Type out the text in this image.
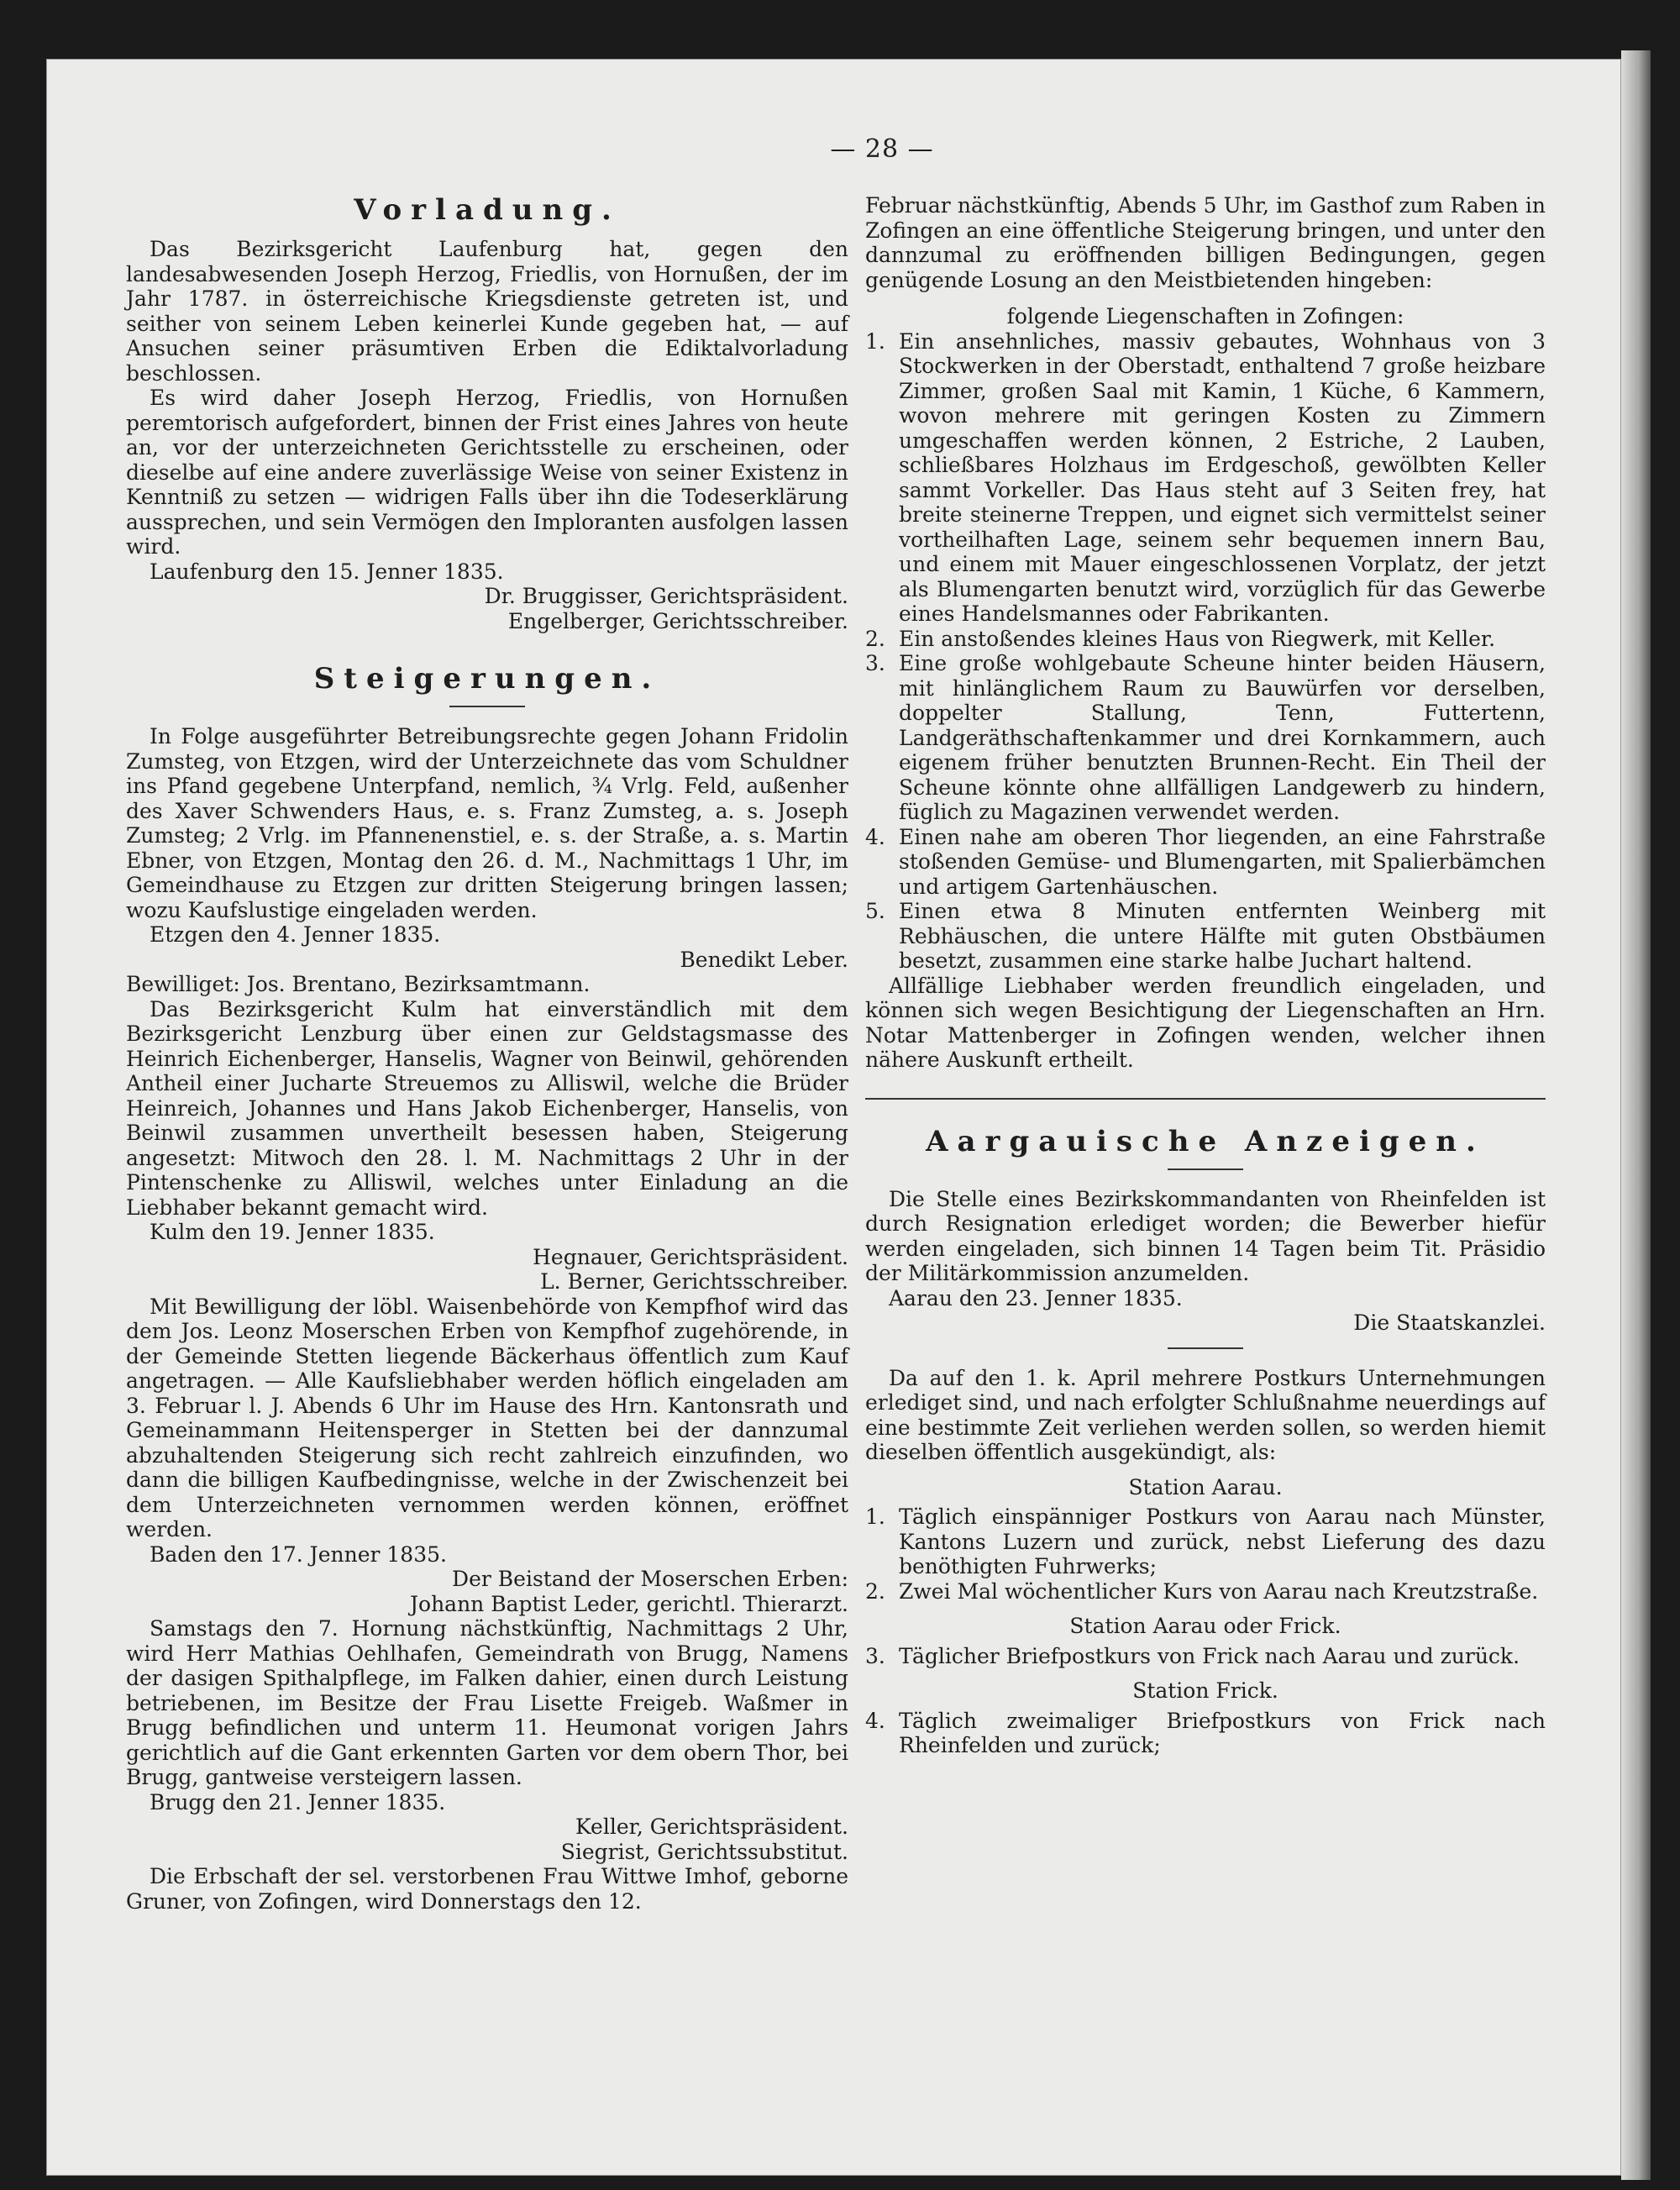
— 28 —
Vorladung.

Das Bezirksgericht Laufenburg hat, gegen den landesabwesenden Joseph Herzog, Friedlis, von Hornußen, der im Jahr 1787. in österreichische Kriegsdienste getreten ist, und seither von seinem Leben keinerlei Kunde gegeben hat, — auf Ansuchen seiner präsumtiven Erben die Ediktalvorladung beschlossen.

Es wird daher Joseph Herzog, Friedlis, von Hornußen peremtorisch aufgefordert, binnen der Frist eines Jahres von heute an, vor der unterzeichneten Gerichtsstelle zu erscheinen, oder dieselbe auf eine andere zuverlässige Weise von seiner Existenz in Kenntniß zu setzen — widrigen Falls über ihn die Todeserklärung aussprechen, und sein Vermögen den Imploranten ausfolgen lassen wird.

Laufenburg den 15. Jenner 1835.

Dr. Bruggisser, Gerichtspräsident.
Engelberger, Gerichtsschreiber.
Steigerungen.

In Folge ausgeführter Betreibungsrechte gegen Johann Fridolin Zumsteg, von Etzgen, wird der Unterzeichnete das vom Schuldner ins Pfand gegebene Unterpfand, nemlich, ¾ Vrlg. Feld, außenher des Xaver Schwenders Haus, e. s. Franz Zumsteg, a. s. Joseph Zumsteg; 2 Vrlg. im Pfannenenstiel, e. s. der Straße, a. s. Martin Ebner, von Etzgen, Montag den 26. d. M., Nachmittags 1 Uhr, im Gemeindhause zu Etzgen zur dritten Steigerung bringen lassen; wozu Kaufslustige eingeladen werden.

Etzgen den 4. Jenner 1835.

Benedikt Leber.

Bewilliget: Jos. Brentano, Bezirksamtmann.

Das Bezirksgericht Kulm hat einverständlich mit dem Bezirksgericht Lenzburg über einen zur Geldstagsmasse des Heinrich Eichenberger, Hanselis, Wagner von Beinwil, gehörenden Antheil einer Jucharte Streuemos zu Alliswil, welche die Brüder Heinreich, Johannes und Hans Jakob Eichenberger, Hanselis, von Beinwil zusammen unvertheilt besessen haben, Steigerung angesetzt: Mitwoch den 28. l. M. Nachmittags 2 Uhr in der Pintenschenke zu Alliswil, welches unter Einladung an die Liebhaber bekannt gemacht wird.

Kulm den 19. Jenner 1835.

Hegnauer, Gerichtspräsident.
L. Berner, Gerichtsschreiber.

Mit Bewilligung der löbl. Waisenbehörde von Kempfhof wird das dem Jos. Leonz Moserschen Erben von Kempfhof zugehörende, in der Gemeinde Stetten liegende Bäckerhaus öffentlich zum Kauf angetragen. — Alle Kaufsliebhaber werden höflich eingeladen am 3. Februar l. J. Abends 6 Uhr im Hause des Hrn. Kantonsrath und Gemeinammann Heitensperger in Stetten bei der dannzumal abzuhaltenden Steigerung sich recht zahlreich einzufinden, wo dann die billigen Kaufbedingnisse, welche in der Zwischenzeit bei dem Unterzeichneten vernommen werden können, eröffnet werden.

Baden den 17. Jenner 1835.

Der Beistand der Moserschen Erben:
Johann Baptist Leder, gerichtl. Thierarzt.

Samstags den 7. Hornung nächstkünftig, Nachmittags 2 Uhr, wird Herr Mathias Oehlhafen, Gemeindrath von Brugg, Namens der dasigen Spithalpflege, im Falken dahier, einen durch Leistung betriebenen, im Besitze der Frau Lisette Freigeb. Waßmer in Brugg befindlichen und unterm 11. Heumonat vorigen Jahrs gerichtlich auf die Gant erkennten Garten vor dem obern Thor, bei Brugg, gantweise versteigern lassen.

Brugg den 21. Jenner 1835.

Keller, Gerichtspräsident.
Siegrist, Gerichtssubstitut.

Die Erbschaft der sel. verstorbenen Frau Wittwe Imhof, geborne Gruner, von Zofingen, wird Donnerstags den 12.

Februar nächstkünftig, Abends 5 Uhr, im Gasthof zum Raben in Zofingen an eine öffentliche Steigerung bringen, und unter den dannzumal zu eröffnenden billigen Bedingungen, gegen genügende Losung an den Meistbietenden hingeben:

folgende Liegenschaften in Zofingen:

1. Ein ansehnliches, massiv gebautes, Wohnhaus von 3 Stockwerken in der Oberstadt, enthaltend 7 große heizbare Zimmer, großen Saal mit Kamin, 1 Küche, 6 Kammern, wovon mehrere mit geringen Kosten zu Zimmern umgeschaffen werden können, 2 Estriche, 2 Lauben, schließbares Holzhaus im Erdgeschoß, gewölbten Keller sammt Vorkeller. Das Haus steht auf 3 Seiten frey, hat breite steinerne Treppen, und eignet sich vermittelst seiner vortheilhaften Lage, seinem sehr bequemen innern Bau, und einem mit Mauer eingeschlossenen Vorplatz, der jetzt als Blumengarten benutzt wird, vorzüglich für das Gewerbe eines Handelsmannes oder Fabrikanten.
2. Ein anstoßendes kleines Haus von Riegwerk, mit Keller.
3. Eine große wohlgebaute Scheune hinter beiden Häusern, mit hinlänglichem Raum zu Bauwürfen vor derselben, doppelter Stallung, Tenn, Futtertenn, Landgeräthschaftenkammer und drei Kornkammern, auch eigenem früher benutzten Brunnen-Recht. Ein Theil der Scheune könnte ohne allfälligen Landgewerb zu hindern, füglich zu Magazinen verwendet werden.
4. Einen nahe am oberen Thor liegenden, an eine Fahrstraße stoßenden Gemüse- und Blumengarten, mit Spalierbämchen und artigem Gartenhäuschen.
5. Einen etwa 8 Minuten entfernten Weinberg mit Rebhäuschen, die untere Hälfte mit guten Obstbäumen besetzt, zusammen eine starke halbe Juchart haltend.

Allfällige Liebhaber werden freundlich eingeladen, und können sich wegen Besichtigung der Liegenschaften an Hrn. Notar Mattenberger in Zofingen wenden, welcher ihnen nähere Auskunft ertheilt.

Aargauische Anzeigen.

Die Stelle eines Bezirkskommandanten von Rheinfelden ist durch Resignation erlediget worden; die Bewerber hiefür werden eingeladen, sich binnen 14 Tagen beim Tit. Präsidio der Militärkommission anzumelden.

Aarau den 23. Jenner 1835.

Die Staatskanzlei.

Da auf den 1. k. April mehrere Postkurs Unternehmungen erlediget sind, und nach erfolgter Schlußnahme neuerdings auf eine bestimmte Zeit verliehen werden sollen, so werden hiemit dieselben öffentlich ausgekündigt, als:

Station Aarau.
1. Täglich einspänniger Postkurs von Aarau nach Münster, Kantons Luzern und zurück, nebst Lieferung des dazu benöthigten Fuhrwerks;
2. Zwei Mal wöchentlicher Kurs von Aarau nach Kreutzstraße.
Station Aarau oder Frick.
3. Täglicher Briefpostkurs von Frick nach Aarau und zurück.
Station Frick.
4. Täglich zweimaliger Briefpostkurs von Frick nach Rheinfelden und zurück;
